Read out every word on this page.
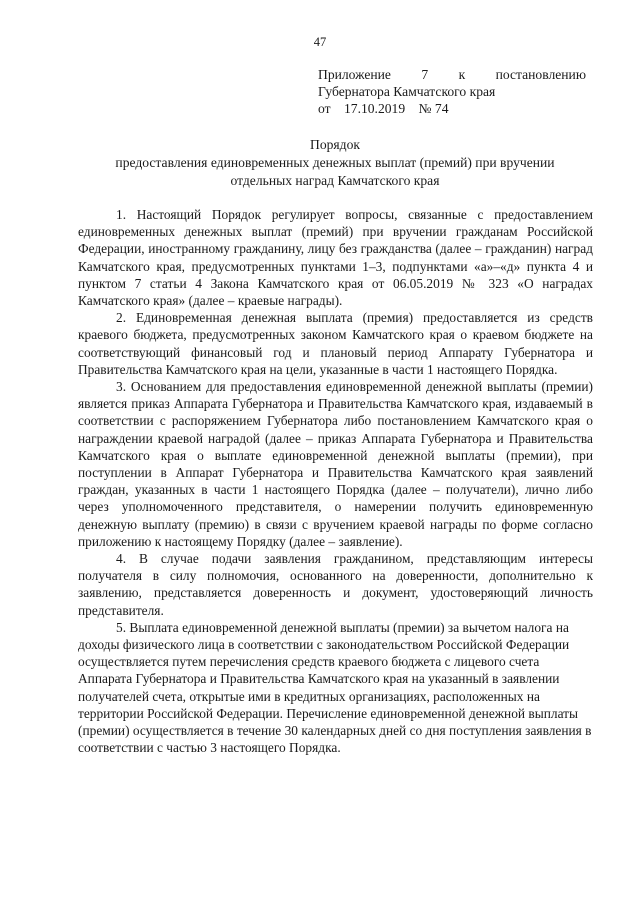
47
Приложение 7 к постановлению
Губернатора Камчатского края
от 17.10.2019 № 74
Порядок
предоставления единовременных денежных выплат (премий) при вручении
отдельных наград Камчатского края

1. Настоящий Порядок регулирует вопросы, связанные с предоставлением единовременных денежных выплат (премий) при вручении гражданам Российской Федерации, иностранному гражданину, лицу без гражданства (далее – гражданин) наград Камчатского края, предусмотренных пунктами 1–3, подпунктами «а»–«д» пункта 4 и пунктом 7 статьи 4 Закона Камчатского края от 06.05.2019 № 323 «О наградах Камчатского края» (далее – краевые награды).

2. Единовременная денежная выплата (премия) предоставляется из средств краевого бюджета, предусмотренных законом Камчатского края о краевом бюджете на соответствующий финансовый год и плановый период Аппарату Губернатора и Правительства Камчатского края на цели, указанные в части 1 настоящего Порядка.

3. Основанием для предоставления единовременной денежной выплаты (премии) является приказ Аппарата Губернатора и Правительства Камчатского края, издаваемый в соответствии с распоряжением Губернатора либо постановлением Камчатского края о награждении краевой наградой (далее – приказ Аппарата Губернатора и Правительства Камчатского края о выплате единовременной денежной выплаты (премии), при поступлении в Аппарат Губернатора и Правительства Камчатского края заявлений граждан, указанных в части 1 настоящего Порядка (далее – получатели), лично либо через уполномоченного представителя, о намерении получить единовременную денежную выплату (премию) в связи с вручением краевой награды по форме согласно приложению к настоящему Порядку (далее – заявление).

4. В случае подачи заявления гражданином, представляющим интересы получателя в силу полномочия, основанного на доверенности, дополнительно к заявлению, представляется доверенность и документ, удостоверяющий личность представителя.

5. Выплата единовременной денежной выплаты (премии) за вычетом налога на доходы физического лица в соответствии с законодательством Российской Федерации осуществляется путем перечисления средств краевого бюджета с лицевого счета Аппарата Губернатора и Правительства Камчатского края на указанный в заявлении получателей счета, открытые ими в кредитных организациях, расположенных на территории Российской Федерации. Перечисление единовременной денежной выплаты (премии) осуществляется в течение 30 календарных дней со дня поступления заявления в соответствии с частью 3 настоящего Порядка.
